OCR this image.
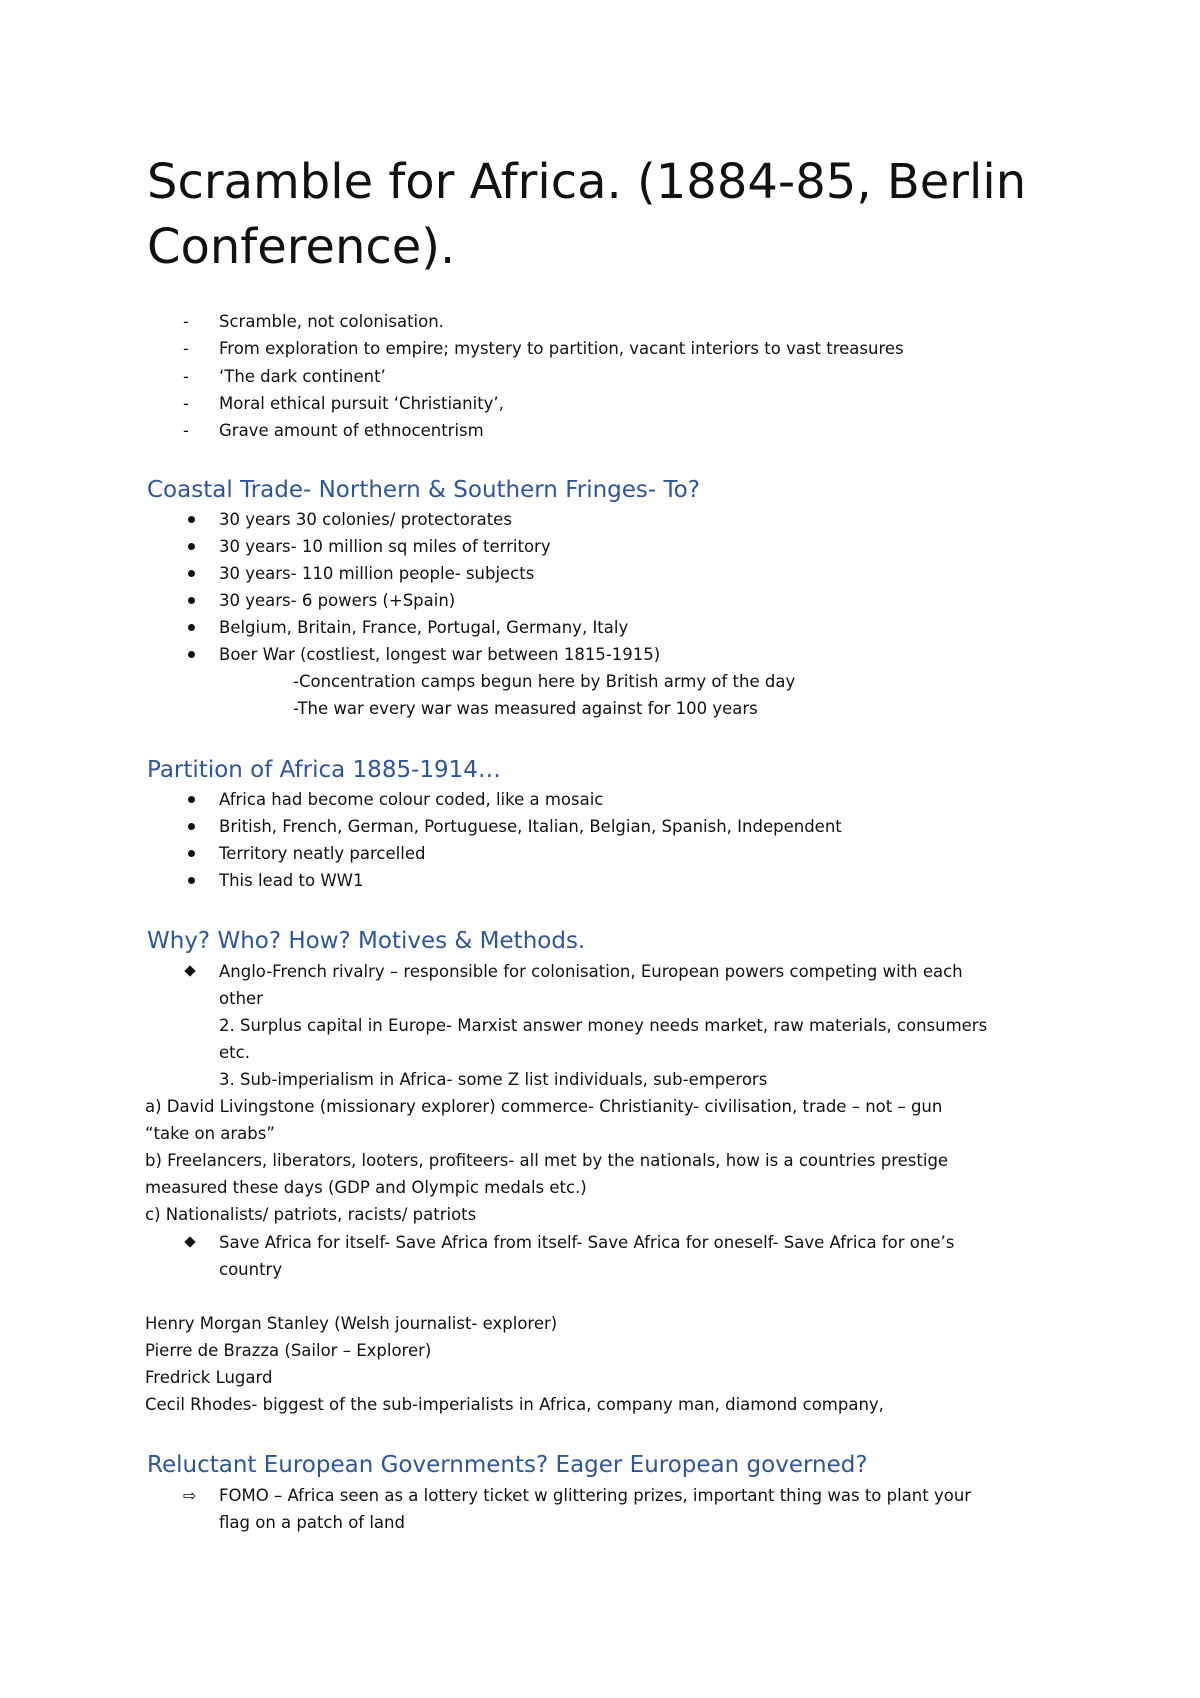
Scramble for Africa. (1884-85, Berlin Conference).
-	Scramble, not colonisation.
-	From exploration to empire; mystery to partition, vacant interiors to vast treasures
-	‘The dark continent’
-	Moral ethical pursuit ‘Christianity’,
-	Grave amount of ethnocentrism
Coastal Trade- Northern & Southern Fringes- To?
30 years 30 colonies/ protectorates
30 years- 10 million sq miles of territory
30 years- 110 million people- subjects
30 years- 6 powers (+Spain)
Belgium, Britain, France, Portugal, Germany, Italy
Boer War (costliest, longest war between 1815-1915)
-Concentration camps begun here by British army of the day
-The war every war was measured against for 100 years
Partition of Africa 1885-1914…
Africa had become colour coded, like a mosaic
British, French, German, Portuguese, Italian, Belgian, Spanish, Independent
Territory neatly parcelled
This lead to WW1
Why? Who? How? Motives & Methods.
Anglo-French rivalry – responsible for colonisation, European powers competing with each
other
2. Surplus capital in Europe- Marxist answer money needs market, raw materials, consumers
etc.
3. Sub-imperialism in Africa- some Z list individuals, sub-emperors
a) David Livingstone (missionary explorer) commerce- Christianity- civilisation, trade – not – gun
“take on arabs”
b) Freelancers, liberators, looters, profiteers- all met by the nationals, how is a countries prestige
measured these days (GDP and Olympic medals etc.)
c) Nationalists/ patriots, racists/ patriots
Save Africa for itself- Save Africa from itself- Save Africa for oneself- Save Africa for one’s
country
Henry Morgan Stanley (Welsh journalist- explorer)
Pierre de Brazza (Sailor – Explorer)
Fredrick Lugard
Cecil Rhodes- biggest of the sub-imperialists in Africa, company man, diamond company,
Reluctant European Governments? Eager European governed?
⇨	FOMO – Africa seen as a lottery ticket w glittering prizes, important thing was to plant your
flag on a patch of land
